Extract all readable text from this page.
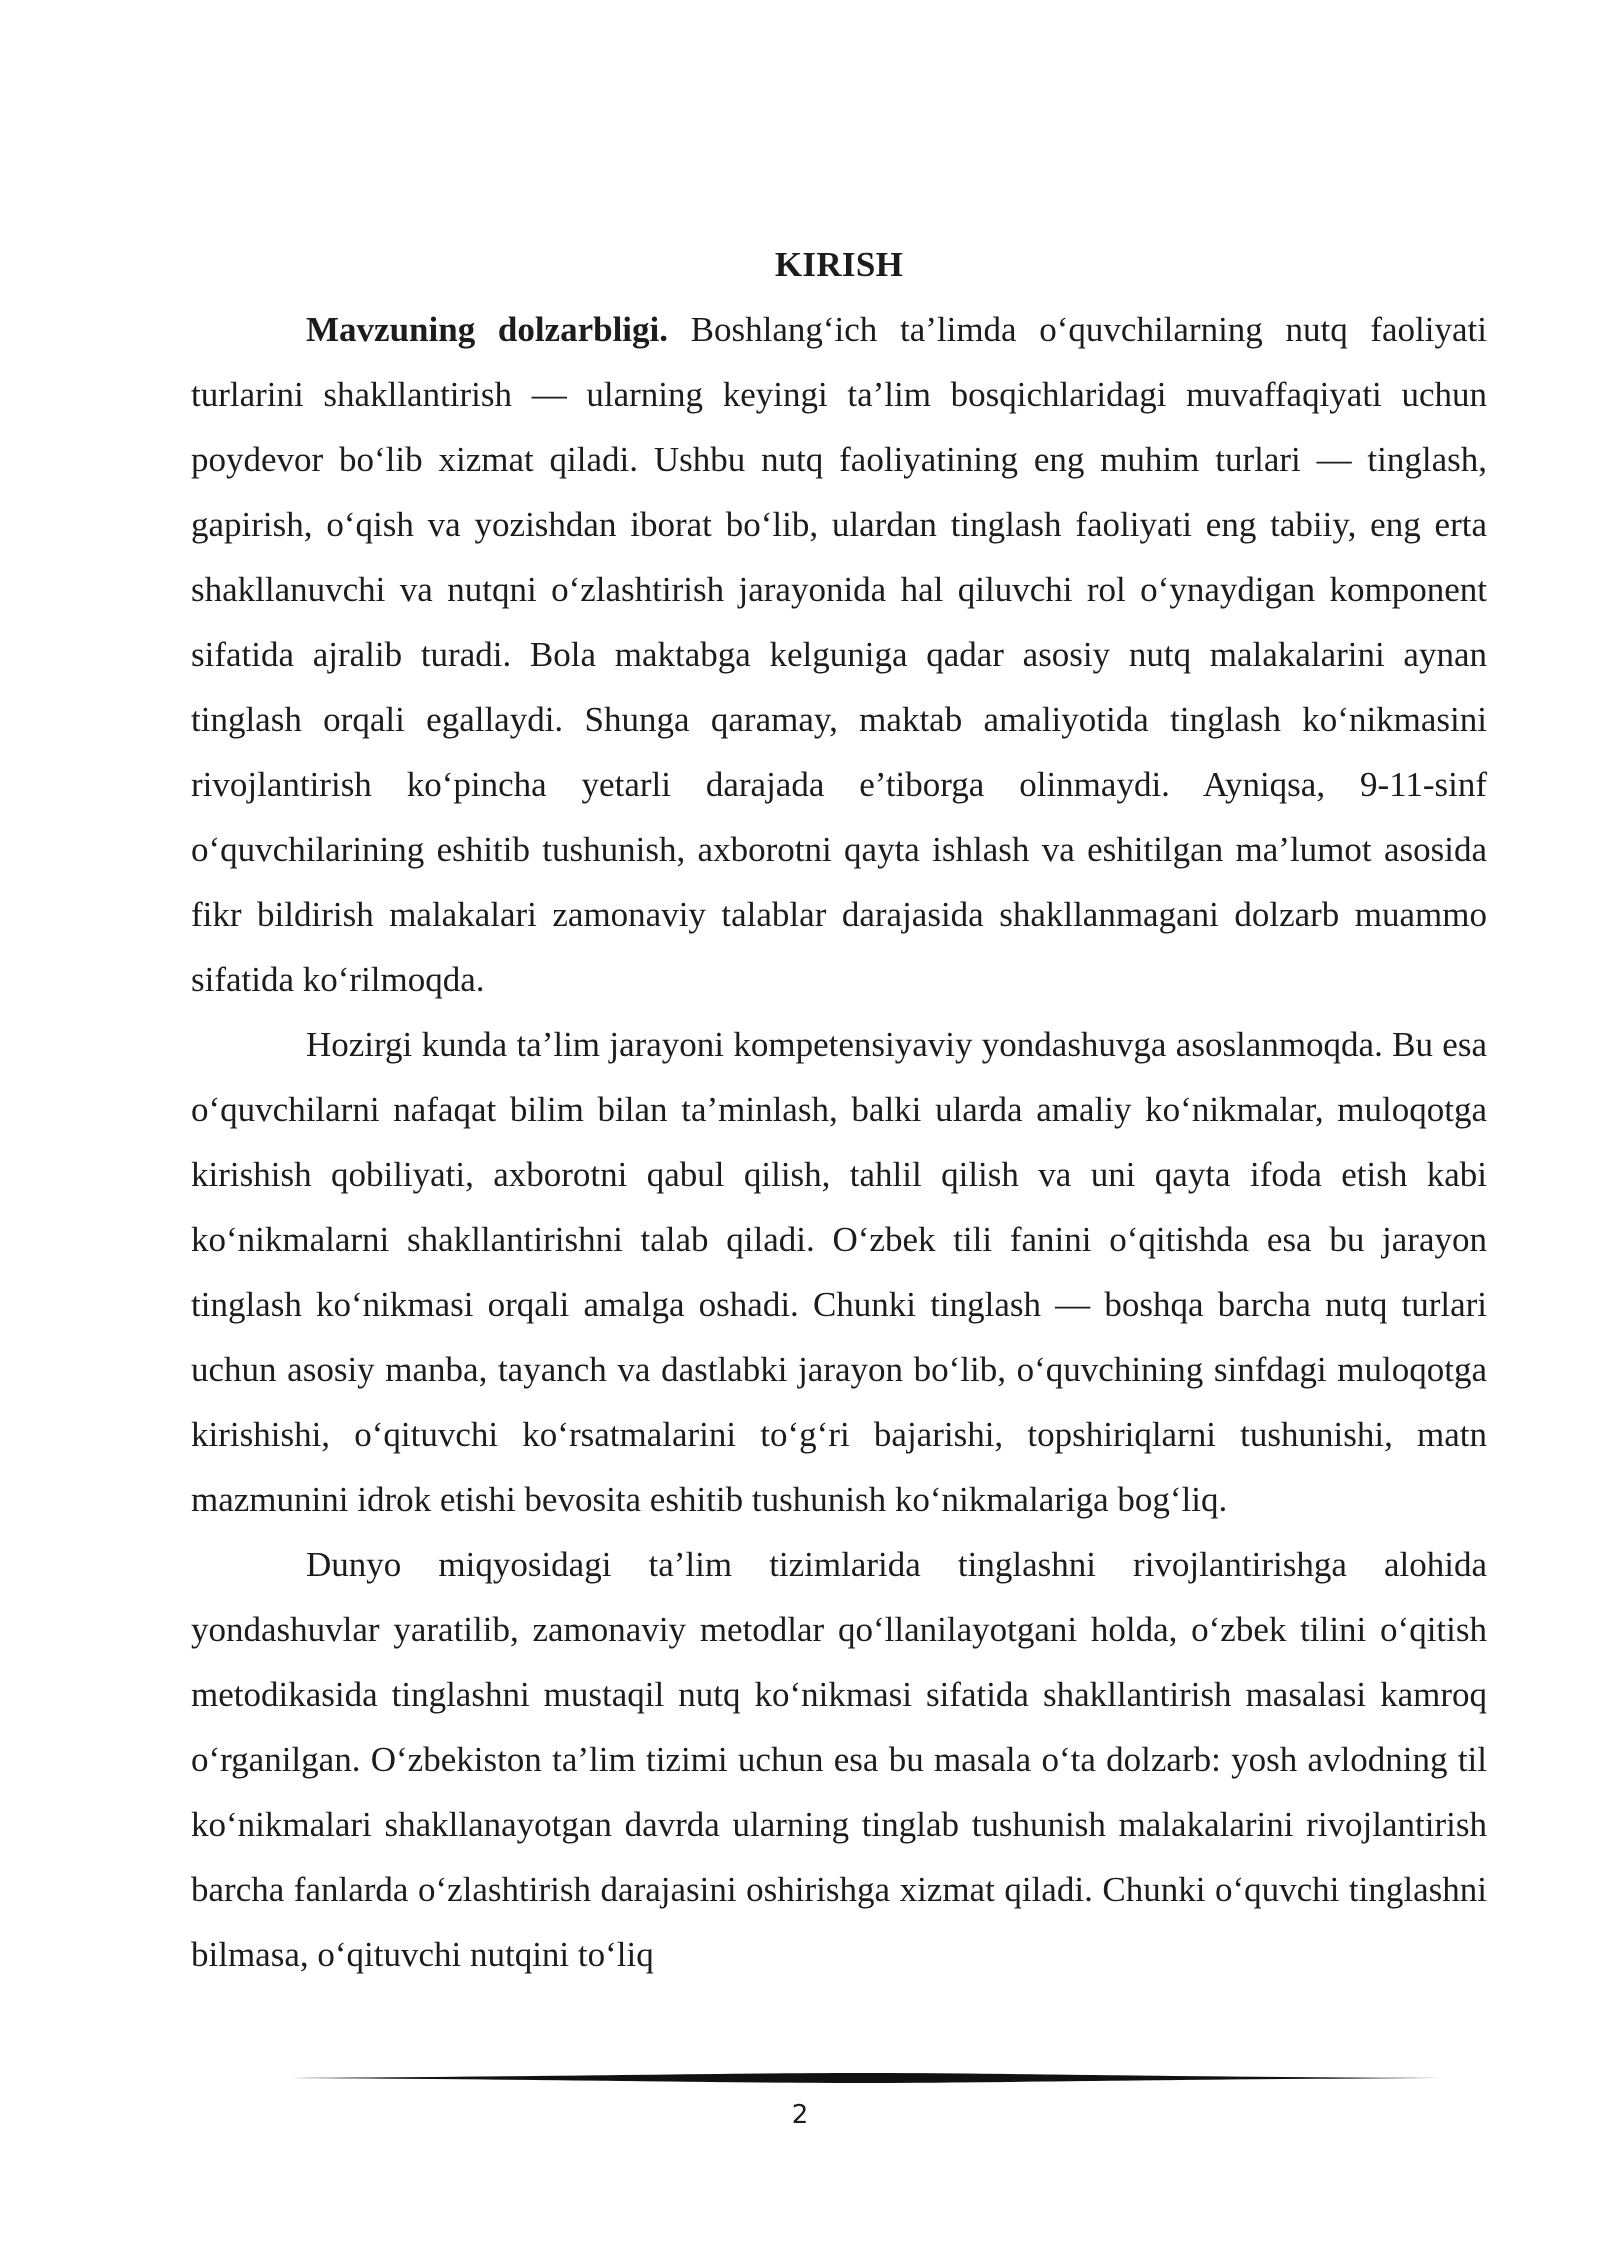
KIRISH

Mavzuning dolzarbligi. Boshlang‘ich ta’limda o‘quvchilarning nutq faoliyati turlarini shakllantirish — ularning keyingi ta’lim bosqichlaridagi muvaffaqiyati uchun poydevor bo‘lib xizmat qiladi. Ushbu nutq faoliyatining eng muhim turlari — tinglash, gapirish, o‘qish va yozishdan iborat bo‘lib, ulardan tinglash faoliyati eng tabiiy, eng erta shakllanuvchi va nutqni o‘zlashtirish jarayonida hal qiluvchi rol o‘ynaydigan komponent sifatida ajralib turadi. Bola maktabga kelguniga qadar asosiy nutq malakalarini aynan tinglash orqali egallaydi. Shunga qaramay, maktab amaliyotida tinglash ko‘nikmasini rivojlantirish ko‘pincha yetarli darajada e’tiborga olinmaydi. Ayniqsa, 9-11-sinf o‘quvchilarining eshitib tushunish, axborotni qayta ishlash va eshitilgan ma’lumot asosida fikr bildirish malakalari zamonaviy talablar darajasida shakllanmagani dolzarb muammo sifatida ko‘rilmoqda.

Hozirgi kunda ta’lim jarayoni kompetensiyaviy yondashuvga asoslanmoqda. Bu esa o‘quvchilarni nafaqat bilim bilan ta’minlash, balki ularda amaliy ko‘nikmalar, muloqotga kirishish qobiliyati, axborotni qabul qilish, tahlil qilish va uni qayta ifoda etish kabi ko‘nikmalarni shakllantirishni talab qiladi. O‘zbek tili fanini o‘qitishda esa bu jarayon tinglash ko‘nikmasi orqali amalga oshadi. Chunki tinglash — boshqa barcha nutq turlari uchun asosiy manba, tayanch va dastlabki jarayon bo‘lib, o‘quvchining sinfdagi muloqotga kirishishi, o‘qituvchi ko‘rsatmalarini to‘g‘ri bajarishi, topshiriqlarni tushunishi, matn mazmunini idrok etishi bevosita eshitib tushunish ko‘nikmalariga bog‘liq.

Dunyo miqyosidagi ta’lim tizimlarida tinglashni rivojlantirishga alohida yondashuvlar yaratilib, zamonaviy metodlar qo‘llanilayotgani holda, o‘zbek tilini o‘qitish metodikasida tinglashni mustaqil nutq ko‘nikmasi sifatida shakllantirish masalasi kamroq o‘rganilgan. O‘zbekiston ta’lim tizimi uchun esa bu masala o‘ta dolzarb: yosh avlodning til ko‘nikmalari shakllanayotgan davrda ularning tinglab tushunish malakalarini rivojlantirish barcha fanlarda o‘zlashtirish darajasini oshirishga xizmat qiladi. Chunki o‘quvchi tinglashni bilmasa, o‘qituvchi nutqini to‘liq

2
